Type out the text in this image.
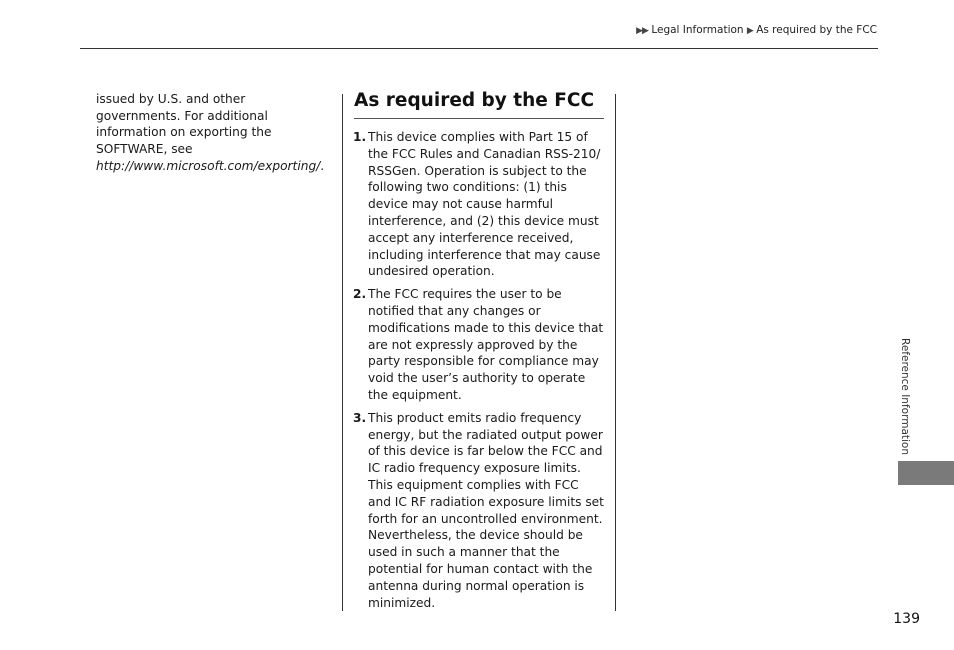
▶▶ Legal Information ▶ As required by the FCC
issued by U.S. and other governments. For additional information on exporting the SOFTWARE, see http://www.microsoft.com/exporting/.
As required by the FCC
1. This device complies with Part 15 of the FCC Rules and Canadian RSS-210/ RSSGen. Operation is subject to the following two conditions: (1) this device may not cause harmful interference, and (2) this device must accept any interference received, including interference that may cause undesired operation.
2. The FCC requires the user to be notified that any changes or modifications made to this device that are not expressly approved by the party responsible for compliance may void the user’s authority to operate the equipment.
3. This product emits radio frequency energy, but the radiated output power of this device is far below the FCC and IC radio frequency exposure limits. This equipment complies with FCC and IC RF radiation exposure limits set forth for an uncontrolled environment. Nevertheless, the device should be used in such a manner that the potential for human contact with the antenna during normal operation is minimized.
Reference Information
139
